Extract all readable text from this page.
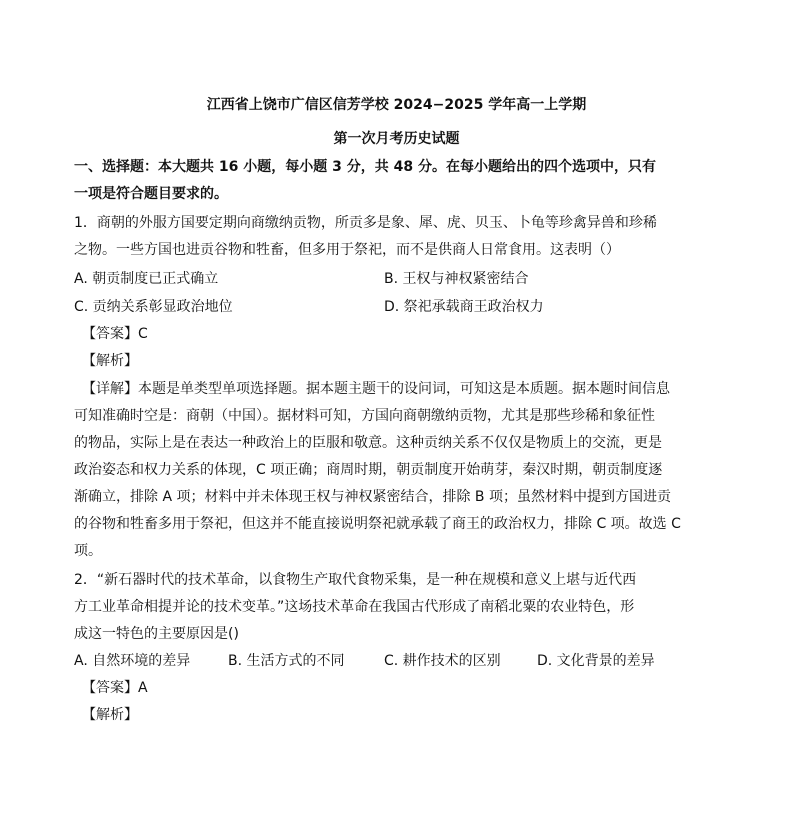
江西省上饶市广信区信芳学校 2024−2025 学年高一上学期
第一次月考历史试题
一、选择题：本大题共 16 小题，每小题 3 分，共 48 分。在每小题给出的四个选项中，只有
一项是符合题目要求的。
1．商朝的外服方国要定期向商缴纳贡物，所贡多是象、犀、虎、贝玉、卜龟等珍禽异兽和珍稀
之物。一些方国也进贡谷物和牲畜，但多用于祭祀，而不是供商人日常食用。这表明（）
A. 朝贡制度已正式确立	B. 王权与神权紧密结合
C. 贡纳关系彰显政治地位	D. 祭祀承载商王政治权力
【答案】C
【解析】
【详解】本题是单类型单项选择题。据本题主题干的设问词，可知这是本质题。据本题时间信息
可知准确时空是：商朝（中国）。据材料可知，方国向商朝缴纳贡物，尤其是那些珍稀和象征性
的物品，实际上是在表达一种政治上的臣服和敬意。这种贡纳关系不仅仅是物质上的交流，更是
政治姿态和权力关系的体现，C 项正确；商周时期，朝贡制度开始萌芽，秦汉时期，朝贡制度逐
渐确立，排除 A 项；材料中并未体现王权与神权紧密结合，排除 B 项；虽然材料中提到方国进贡
的谷物和牲畜多用于祭祀，但这并不能直接说明祭祀就承载了商王的政治权力，排除 C 项。故选 C
项。
2．“新石器时代的技术革命，以食物生产取代食物采集，是一种在规模和意义上堪与近代西
方工业革命相提并论的技术变革。”这场技术革命在我国古代形成了南稻北粟的农业特色，形
成这一特色的主要原因是()
A. 自然环境的差异	B. 生活方式的不同	C. 耕作技术的区别	D. 文化背景的差异
【答案】A
【解析】
